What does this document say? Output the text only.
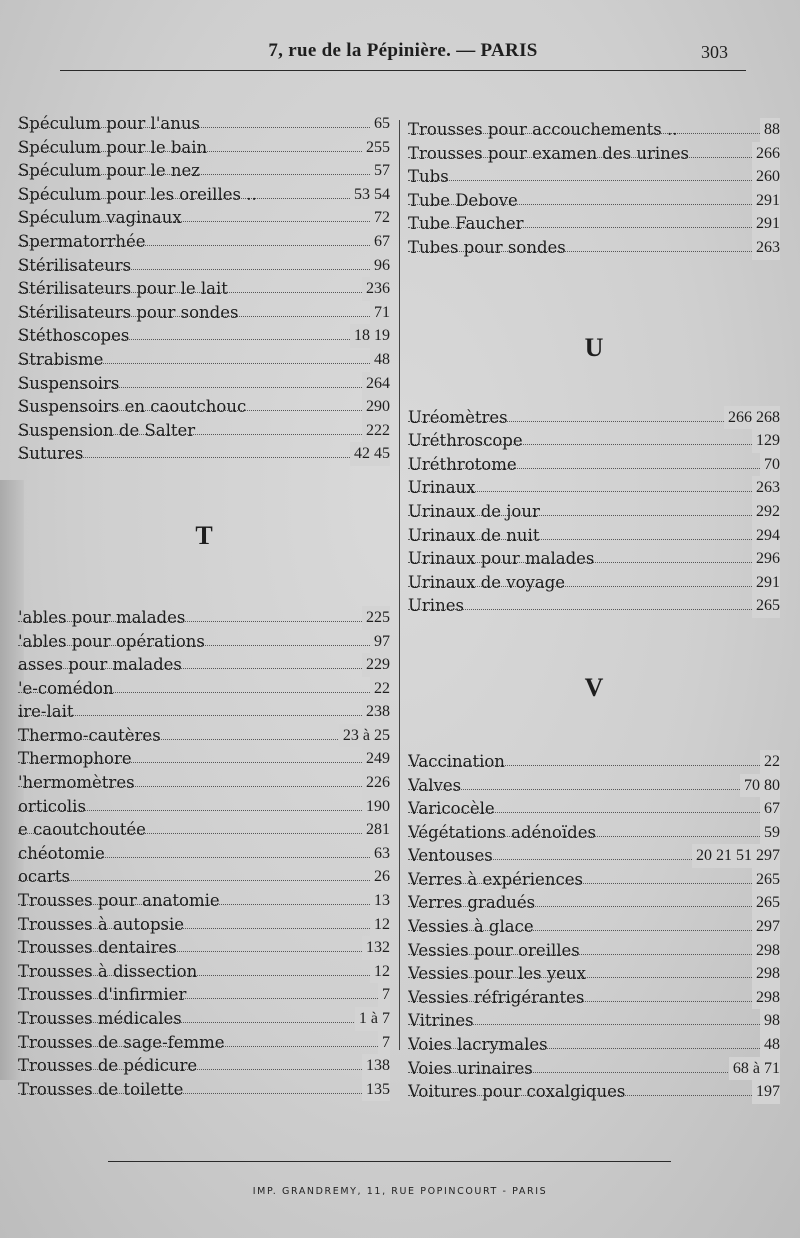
7, rue de la Pépinière. — PARIS	303
Spéculum pour l'anus	65
Spéculum pour le bain	255
Spéculum pour le nez	57
Spéculum pour les oreilles ..	53 54
Spéculum vaginaux	72
Spermatorrhée	67
Stérilisateurs	96
Stérilisateurs pour le lait	236
Stérilisateurs pour sondes	71
Stéthoscopes	18 19
Strabisme	48
Suspensoirs	264
Suspensoirs en caoutchouc	290
Suspension de Salter	222
Sutures	42 45
T
'ables pour malades	225
'ables pour opérations	97
asses pour malades	229
'e-comédon	22
ire-lait	238
Thermo-cautères	23 à 25
Thermophore	249
'hermomètres	226
orticolis	190
e caoutchoutée	281
chéotomie	63
ocarts	26
Trousses pour anatomie	13
Trousses à autopsie	12
Trousses dentaires	132
Trousses à dissection	12
Trousses d'infirmier	7
Trousses médicales	1 à 7
Trousses de sage-femme	7
Trousses de pédicure	138
Trousses de toilette	135
Trousses pour accouchements ..	88
Trousses pour examen des urines	266
Tubs	260
Tube Debove	291
Tube Faucher	291
Tubes pour sondes	263
U
Uréomètres	266 268
Uréthroscope	129
Uréthrotome	70
Urinaux	263
Urinaux de jour	292
Urinaux de nuit	294
Urinaux pour malades	296
Urinaux de voyage	291
Urines	265
V
Vaccination	22
Valves	70 80
Varicocèle	67
Végétations adénoïdes	59
Ventouses	20 21 51 297
Verres à expériences	265
Verres gradués	265
Vessies à glace	297
Vessies pour oreilles	298
Vessies pour les yeux	298
Vessies réfrigérantes	298
Vitrines	98
Voies lacrymales	48
Voies urinaires	68 à 71
Voitures pour coxalgiques	197
IMP. GRANDREMY, 11, RUE POPINCOURT - PARIS
